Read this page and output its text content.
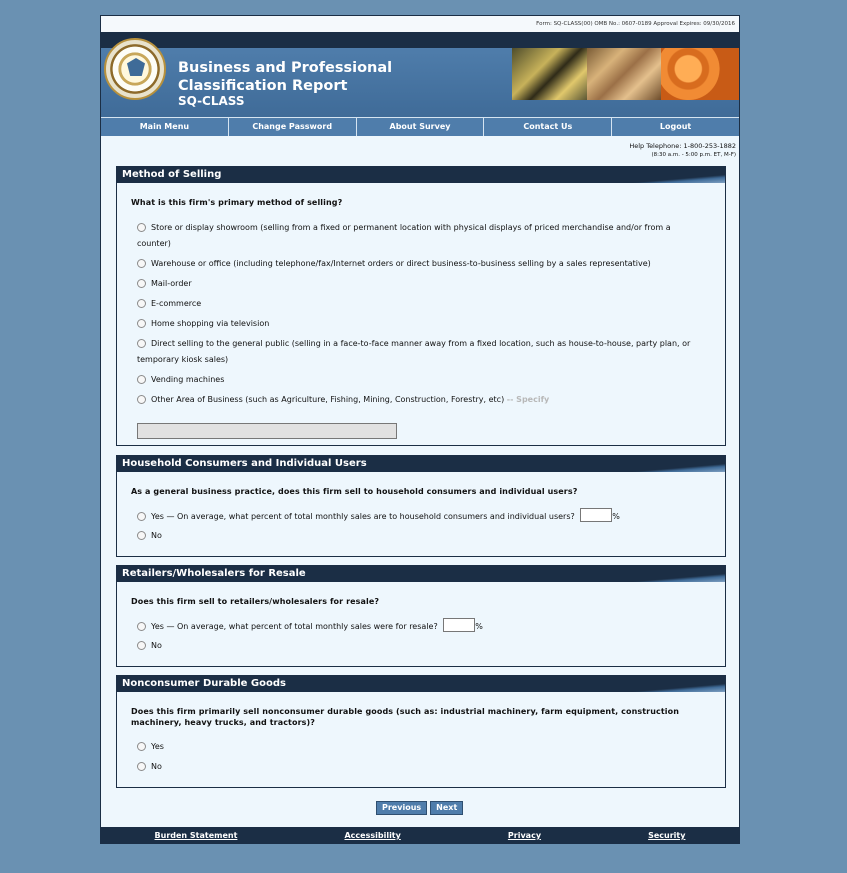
Form: SQ-CLASS(00) OMB No.: 0607-0189 Approval Expires: 09/30/2016
Business and Professional Classification Report
SQ-CLASS
Main Menu	Change Password	About Survey	Contact Us	Logout
Help Telephone: 1-800-253-1882
(8:30 a.m. - 5:00 p.m. ET, M-F)
Method of Selling
What is this firm's primary method of selling?
Store or display showroom (selling from a fixed or permanent location with physical displays of priced merchandise and/or from a counter)
Warehouse or office (including telephone/fax/Internet orders or direct business-to-business selling by a sales representative)
Mail-order
E-commerce
Home shopping via television
Direct selling to the general public (selling in a face-to-face manner away from a fixed location, such as house-to-house, party plan, or temporary kiosk sales)
Vending machines
Other Area of Business (such as Agriculture, Fishing, Mining, Construction, Forestry, etc) -- Specify
Household Consumers and Individual Users
As a general business practice, does this firm sell to household consumers and individual users?
Yes — On average, what percent of total monthly sales are to household consumers and individual users?	%
No
Retailers/Wholesalers for Resale
Does this firm sell to retailers/wholesalers for resale?
Yes — On average, what percent of total monthly sales were for resale?	%
No
Nonconsumer Durable Goods
Does this firm primarily sell nonconsumer durable goods (such as: industrial machinery, farm equipment, construction machinery, heavy trucks, and tractors)?
Yes
No
Previous	Next
Burden Statement	Accessibility	Privacy	Security
